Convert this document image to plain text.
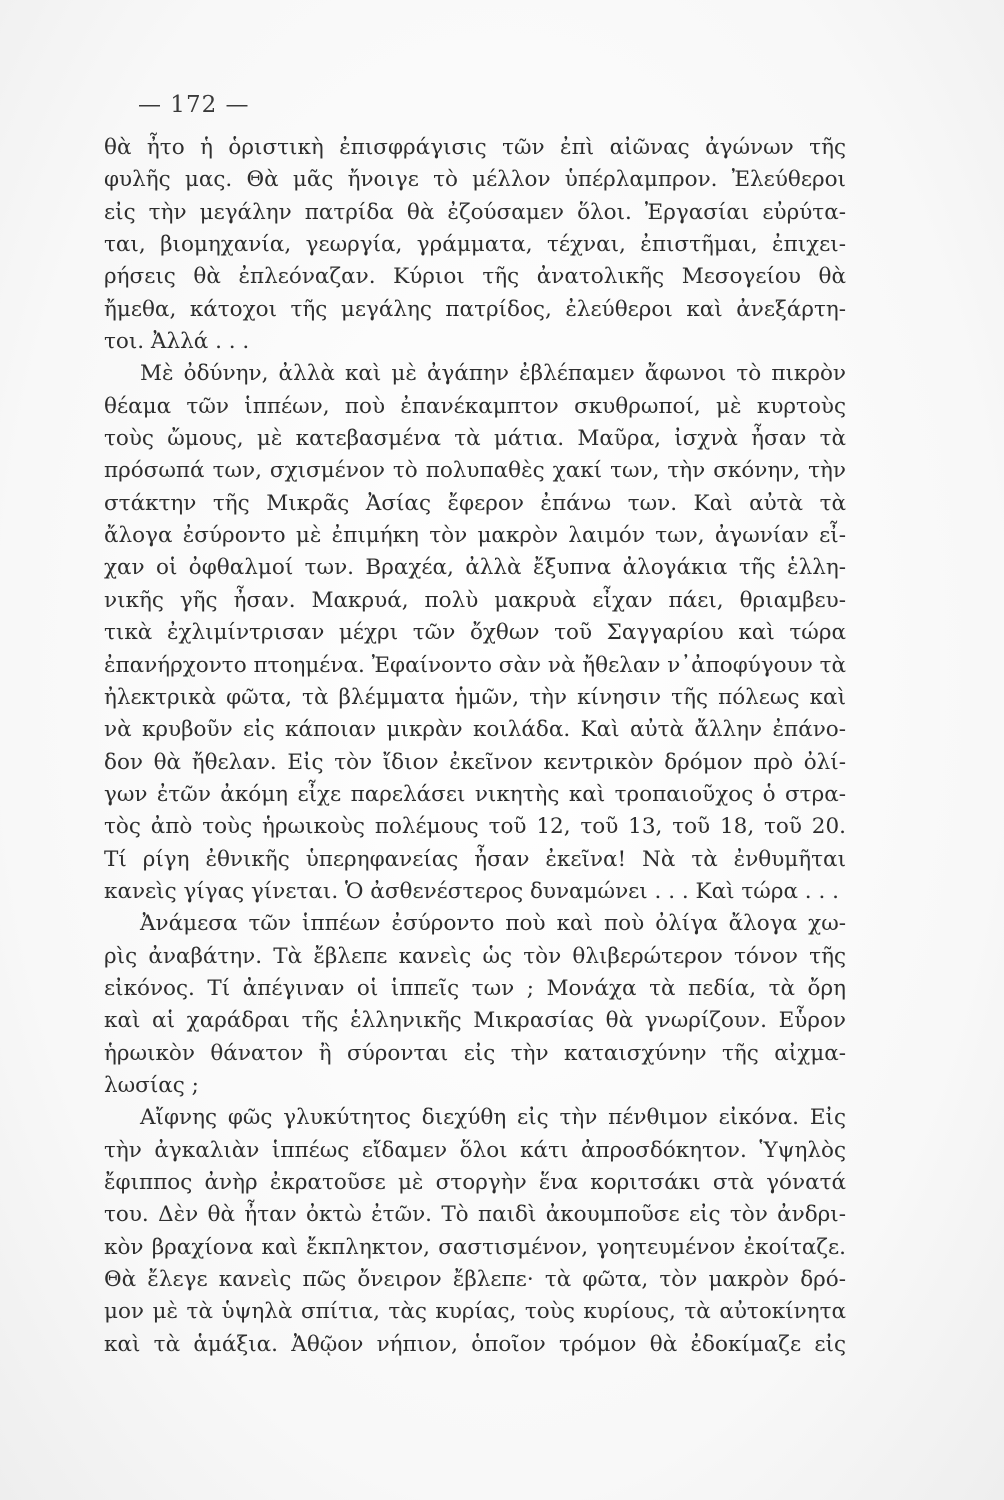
— 172 —

θὰ ἦτο ἡ ὁριστικὴ ἐπισφράγισις τῶν ἐπὶ αἰῶνας ἀγώνων τῆς
φυλῆς μας. Θὰ μᾶς ἤνοιγε τὸ μέλλον ὑπέρλαμπρον. Ἐλεύθεροι
εἰς τὴν μεγάλην πατρίδα θὰ ἐζούσαμεν ὅλοι. Ἐργασίαι εὐρύτα-
ται, βιομηχανία, γεωργία, γράμματα, τέχναι, ἐπιστῆμαι, ἐπιχει-
ρήσεις θὰ ἐπλεόναζαν. Κύριοι τῆς ἀνατολικῆς Μεσογείου θὰ
ἤμεθα, κάτοχοι τῆς μεγάλης πατρίδος, ἐλεύθεροι καὶ ἀνεξάρτη-
τοι. Ἀλλά . . .

Μὲ ὀδύνην, ἀλλὰ καὶ μὲ ἀγάπην ἐβλέπαμεν ἄφωνοι τὸ πικρὸν
θέαμα τῶν ἱππέων, ποὺ ἐπανέκαμπτον σκυθρωποί, μὲ κυρτοὺς
τοὺς ὤμους, μὲ κατεβασμένα τὰ μάτια. Μαῦρα, ἰσχνὰ ἦσαν τὰ
πρόσωπά των, σχισμένον τὸ πολυπαθὲς χακί των, τὴν σκόνην, τὴν
στάκτην τῆς Μικρᾶς Ἀσίας ἔφερον ἐπάνω των. Καὶ αὐτὰ τὰ
ἄλογα ἐσύροντο μὲ ἐπιμήκη τὸν μακρὸν λαιμόν των, ἀγωνίαν εἶ-
χαν οἱ ὀφθαλμοί των. Βραχέα, ἀλλὰ ἔξυπνα ἀλογάκια τῆς ἑλλη-
νικῆς γῆς ἦσαν. Μακρυά, πολὺ μακρυὰ εἶχαν πάει, θριαμβευ-
τικὰ ἐχλιμίντρισαν μέχρι τῶν ὄχθων τοῦ Σαγγαρίου καὶ τώρα
ἐπανήρχοντο πτοημένα. Ἐφαίνοντο σὰν νὰ ἤθελαν ν᾽ἀποφύγουν τὰ
ἠλεκτρικὰ φῶτα, τὰ βλέμματα ἡμῶν, τὴν κίνησιν τῆς πόλεως καὶ
νὰ κρυβοῦν εἰς κάποιαν μικρὰν κοιλάδα. Καὶ αὐτὰ ἄλλην ἐπάνο-
δον θὰ ἤθελαν. Εἰς τὸν ἴδιον ἐκεῖνον κεντρικὸν δρόμον πρὸ ὀλί-
γων ἐτῶν ἀκόμη εἶχε παρελάσει νικητὴς καὶ τροπαιοῦχος ὁ στρα-
τὸς ἀπὸ τοὺς ἡρωικοὺς πολέμους τοῦ 12, τοῦ 13, τοῦ 18, τοῦ 20.
Τί ρίγη ἐθνικῆς ὑπερηφανείας ἦσαν ἐκεῖνα! Νὰ τὰ ἐνθυμῆται
κανεὶς γίγας γίνεται. Ὁ ἀσθενέστερος δυναμώνει . . . Καὶ τώρα . . .

Ἀνάμεσα τῶν ἱππέων ἐσύροντο ποὺ καὶ ποὺ ὀλίγα ἄλογα χω-
ρὶς ἀναβάτην. Τὰ ἔβλεπε κανεὶς ὡς τὸν θλιβερώτερον τόνον τῆς
εἰκόνος. Τί ἀπέγιναν οἱ ἱππεῖς των ; Μονάχα τὰ πεδία, τὰ ὄρη
καὶ αἱ χαράδραι τῆς ἑλληνικῆς Μικρασίας θὰ γνωρίζουν. Εὗρον
ἡρωικὸν θάνατον ἢ σύρονται εἰς τὴν καταισχύνην τῆς αἰχμα-
λωσίας ;

Αἴφνης φῶς γλυκύτητος διεχύθη εἰς τὴν πένθιμον εἰκόνα. Εἰς
τὴν ἀγκαλιὰν ἱππέως εἴδαμεν ὅλοι κάτι ἀπροσδόκητον. Ὑψηλὸς
ἔφιππος ἀνὴρ ἐκρατοῦσε μὲ στοργὴν ἕνα κοριτσάκι στὰ γόνατά
του. Δὲν θὰ ἦταν ὀκτὼ ἐτῶν. Τὸ παιδὶ ἀκουμποῦσε εἰς τὸν ἀνδρι-
κὸν βραχίονα καὶ ἔκπληκτον, σαστισμένον, γοητευμένον ἐκοίταζε.
Θὰ ἔλεγε κανεὶς πῶς ὄνειρον ἔβλεπε· τὰ φῶτα, τὸν μακρὸν δρό-
μον μὲ τὰ ὑψηλὰ σπίτια, τὰς κυρίας, τοὺς κυρίους, τὰ αὐτοκίνητα
καὶ τὰ ἁμάξια. Ἀθῷον νήπιον, ὁποῖον τρόμον θὰ ἐδοκίμαζε εἰς
